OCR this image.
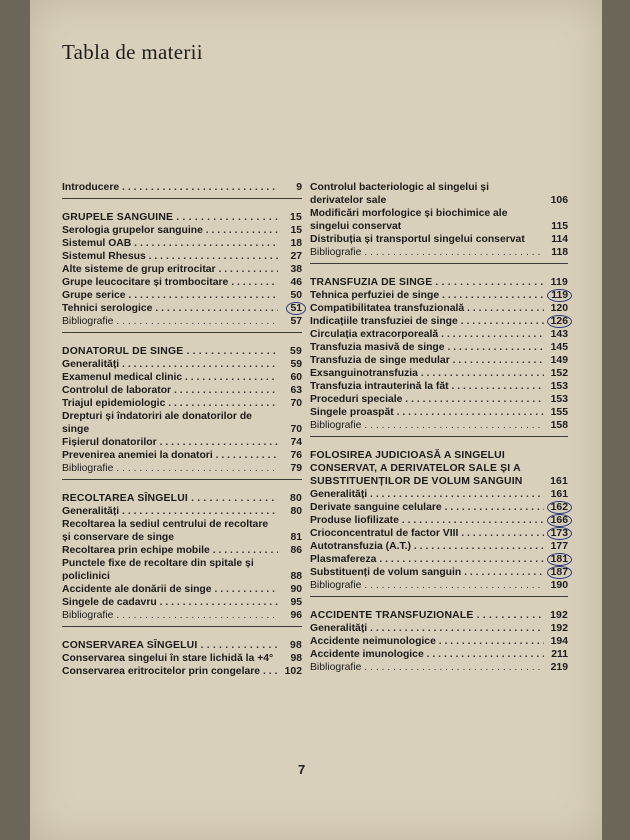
Tabla de materii
Introducere . . .	9
GRUPELE SANGUINE . . .	15
Serologia grupelor sanguine . . .	15
Sistemul OAB . . .	18
Sistemul Rhesus . . .	27
Alte sisteme de grup eritrocitar . . .	38
Grupe leucocitare și trombocitare . . .	46
Grupe serice . . .	50
Tehnici serologice . . .	51
Bibliografie . . .	57
DONATORUL DE SINGE . . .	59
Generalități . . .	59
Examenul medical clinic . . .	60
Controlul de laborator . . .	63
Triajul epidemiologic . . .	70
Drepturi și îndatoriri ale donatorilor de singe	70
Fișierul donatorilor . . .	74
Prevenirea anemiei la donatori . . .	76
Bibliografie . . .	79
RECOLTAREA SÎNGELUI . . .	80
Generalități . . .	80
Recoltarea la sediul centrului de recoltare și conservare de singe	81
Recoltarea prin echipe mobile . . .	86
Punctele fixe de recoltare din spitale și policlinici	88
Accidente ale donării de singe . . .	90
Singele de cadavru . . .	95
Bibliografie . . .	96
CONSERVAREA SÎNGELUI . . .	98
Conservarea singelui în stare lichidă la +4°	98
Conservarea eritrocitelor prin congelare . . .	102
Controlul bacteriologic al singelui și derivatelor sale	106
Modificări morfologice și biochimice ale singelui conservat	115
Distribuția și transportul singelui conservat	114
Bibliografie . . .	118
TRANSFUZIA DE SINGE . . .	119
Tehnica perfuziei de singe . . .	119
Compatibilitatea transfuzională . . .	120
Indicațiile transfuziei de singe . . .	126
Circulația extracorporeală . . .	143
Transfuzia masivă de singe . . .	145
Transfuzia de singe medular . . .	149
Exsanguinotransfuzia . . .	152
Transfuzia intrauterină la făt . . .	153
Proceduri speciale . . .	153
Singele proaspăt . . .	155
Bibliografie . . .	158
FOLOSIREA JUDICIOASĂ A SINGELUI CONSERVAT, A DERIVATELOR SALE ȘI A SUBSTITUENȚILOR DE VOLUM SANGUIN	161
Generalități . . .	161
Derivate sanguine celulare . . .	162
Produse liofilizate . . .	166
Crioconcentratul de factor VIII . . .	173
Autotransfuzia (A.T.) . . .	177
Plasmafereza . . .	181
Substituenți de volum sanguin . . .	187
Bibliografie . . .	190
ACCIDENTE TRANSFUZIONALE . . .	192
Generalități . . .	192
Accidente neimunologice . . .	194
Accidente imunologice . . .	211
Bibliografie . . .	219
7
